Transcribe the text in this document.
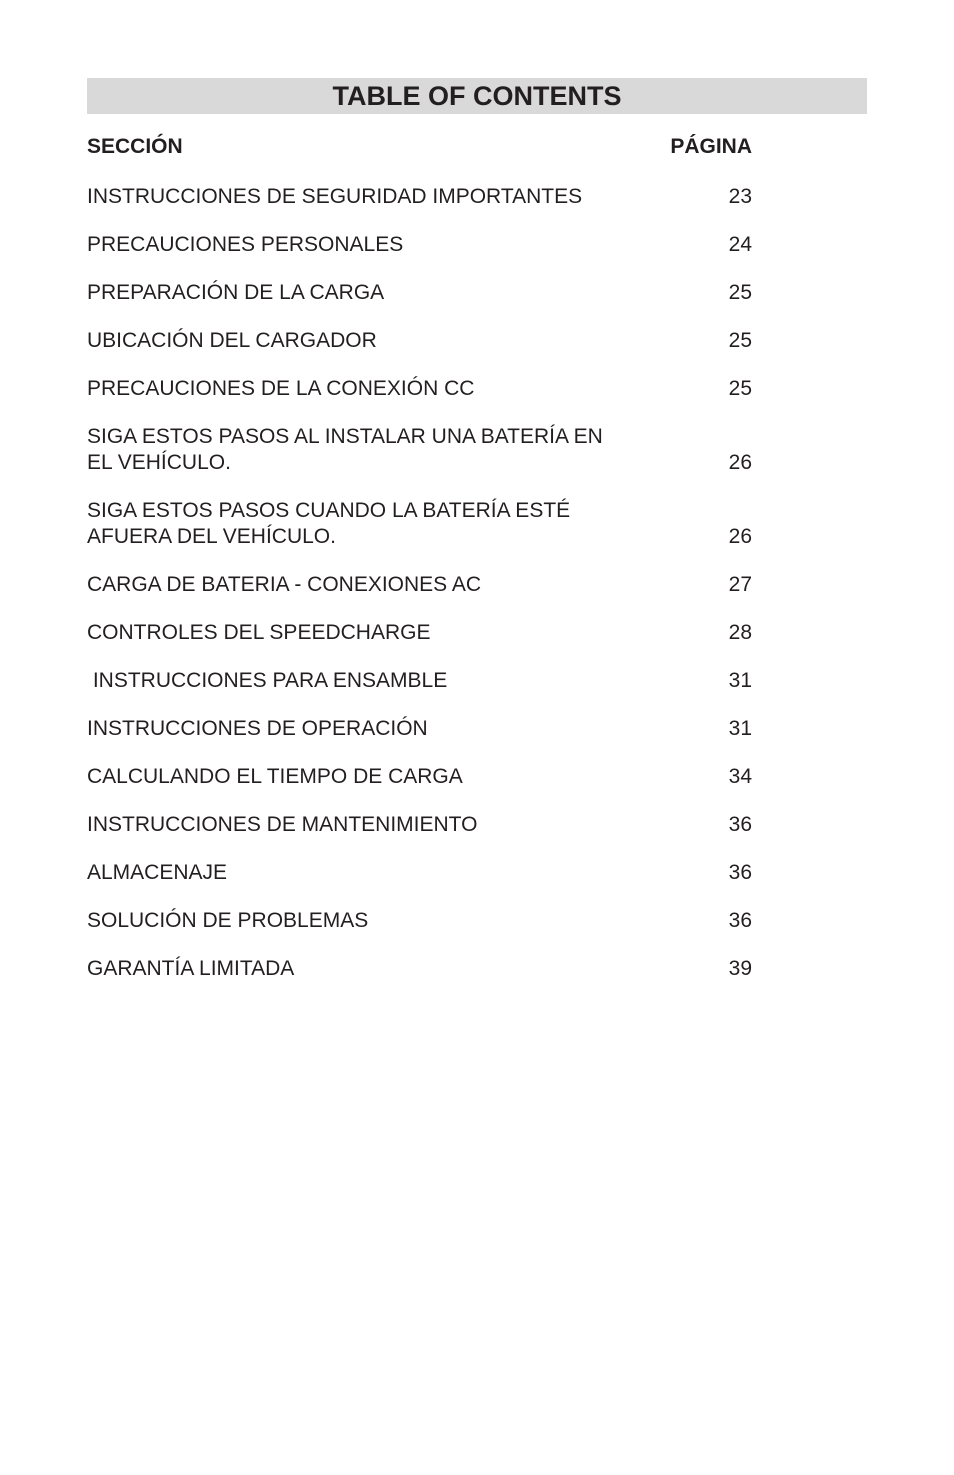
TABLE OF CONTENTS
SECCIÓN	PÁGINA
INSTRUCCIONES DE SEGURIDAD IMPORTANTES	23
PRECAUCIONES PERSONALES	24
PREPARACIÓN DE LA CARGA	25
UBICACIÓN DEL CARGADOR	25
PRECAUCIONES DE LA CONEXIÓN CC	25
SIGA ESTOS PASOS AL INSTALAR UNA BATERÍA EN
EL VEHÍCULO.	26
SIGA ESTOS PASOS CUANDO LA BATERÍA ESTÉ
AFUERA DEL VEHÍCULO.	26
CARGA DE BATERIA - CONEXIONES AC	27
CONTROLES DEL SPEEDCHARGE	28
INSTRUCCIONES PARA ENSAMBLE	31
INSTRUCCIONES DE OPERACIÓN	31
CALCULANDO EL TIEMPO DE CARGA	34
INSTRUCCIONES DE MANTENIMIENTO	36
ALMACENAJE	36
SOLUCIÓN DE PROBLEMAS	36
GARANTÍA LIMITADA	39
